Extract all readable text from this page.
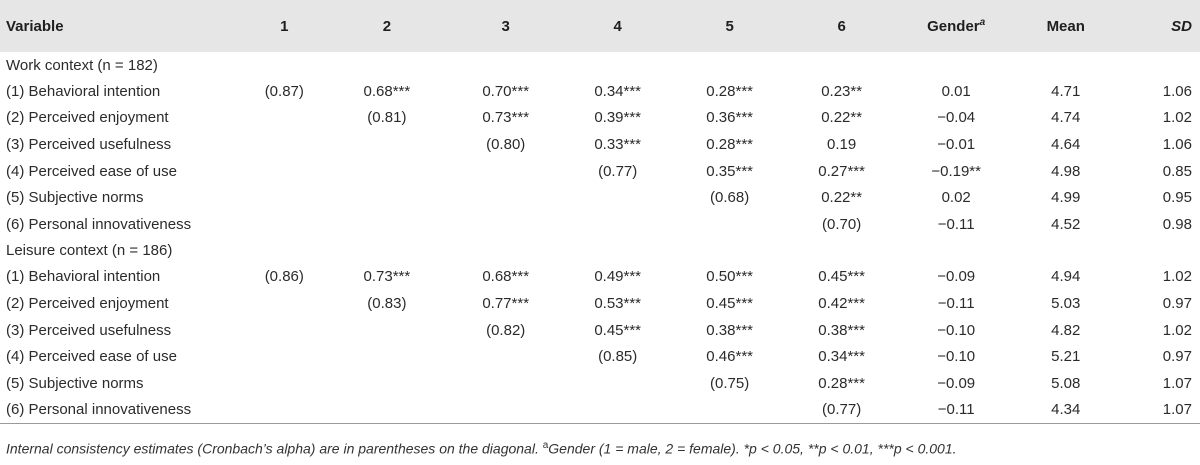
Variable	1	2	3	4	5	6	Gender$^a$	Mean	SD
Work context (n = 182)									
(1) Behavioral intention	(0.87)	0.68***	0.70***	0.34***	0.28***	0.23**	0.01	4.71	1.06
(2) Perceived enjoyment		(0.81)	0.73***	0.39***	0.36***	0.22**	−0.04	4.74	1.02
(3) Perceived usefulness			(0.80)	0.33***	0.28***	0.19	−0.01	4.64	1.06
(4) Perceived ease of use				(0.77)	0.35***	0.27***	−0.19**	4.98	0.85
(5) Subjective norms					(0.68)	0.22**	0.02	4.99	0.95
(6) Personal innovativeness						(0.70)	−0.11	4.52	0.98
Leisure context (n = 186)									
(1) Behavioral intention	(0.86)	0.73***	0.68***	0.49***	0.50***	0.45***	−0.09	4.94	1.02
(2) Perceived enjoyment		(0.83)	0.77***	0.53***	0.45***	0.42***	−0.11	5.03	0.97
(3) Perceived usefulness			(0.82)	0.45***	0.38***	0.38***	−0.10	4.82	1.02
(4) Perceived ease of use				(0.85)	0.46***	0.34***	−0.10	5.21	0.97
(5) Subjective norms					(0.75)	0.28***	−0.09	5.08	1.07
(6) Personal innovativeness						(0.77)	−0.11	4.34	1.07
Internal consistency estimates (Cronbach’s alpha) are in parentheses on the diagonal. $^a$Gender (1 = male, 2 = female). *p < 0.05, **p < 0.01, ***p < 0.001.
